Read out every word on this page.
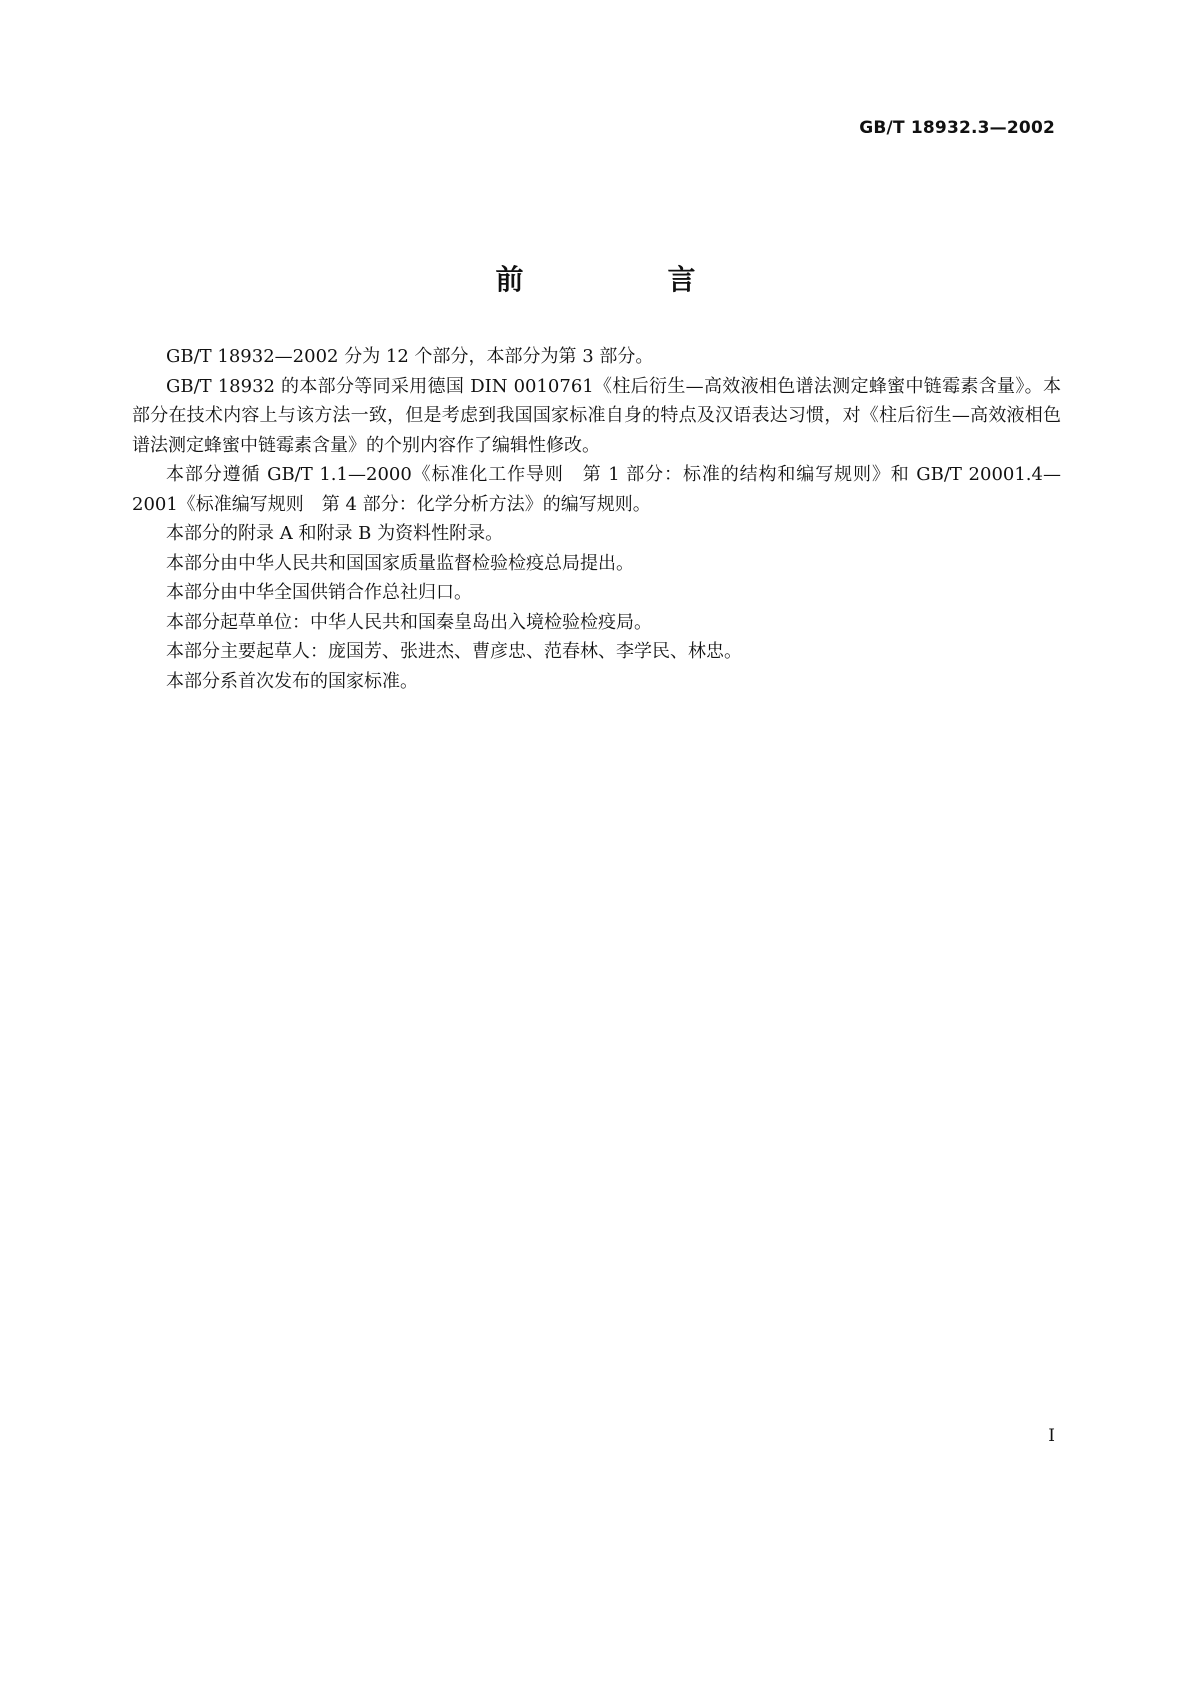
GB/T 18932.3—2002
前　言

GB/T 18932—2002 分为 12 个部分，本部分为第 3 部分。

GB/T 18932 的本部分等同采用德国 DIN 0010761《柱后衍生—高效液相色谱法测定蜂蜜中链霉素含量》。本部分在技术内容上与该方法一致，但是考虑到我国国家标准自身的特点及汉语表达习惯，对《柱后衍生—高效液相色谱法测定蜂蜜中链霉素含量》的个别内容作了编辑性修改。

本部分遵循 GB/T 1.1—2000《标准化工作导则　第 1 部分：标准的结构和编写规则》和 GB/T 20001.4—2001《标准编写规则　第 4 部分：化学分析方法》的编写规则。

本部分的附录 A 和附录 B 为资料性附录。

本部分由中华人民共和国国家质量监督检验检疫总局提出。

本部分由中华全国供销合作总社归口。

本部分起草单位：中华人民共和国秦皇岛出入境检验检疫局。

本部分主要起草人：庞国芳、张进杰、曹彦忠、范春林、李学民、林忠。

本部分系首次发布的国家标准。

I
